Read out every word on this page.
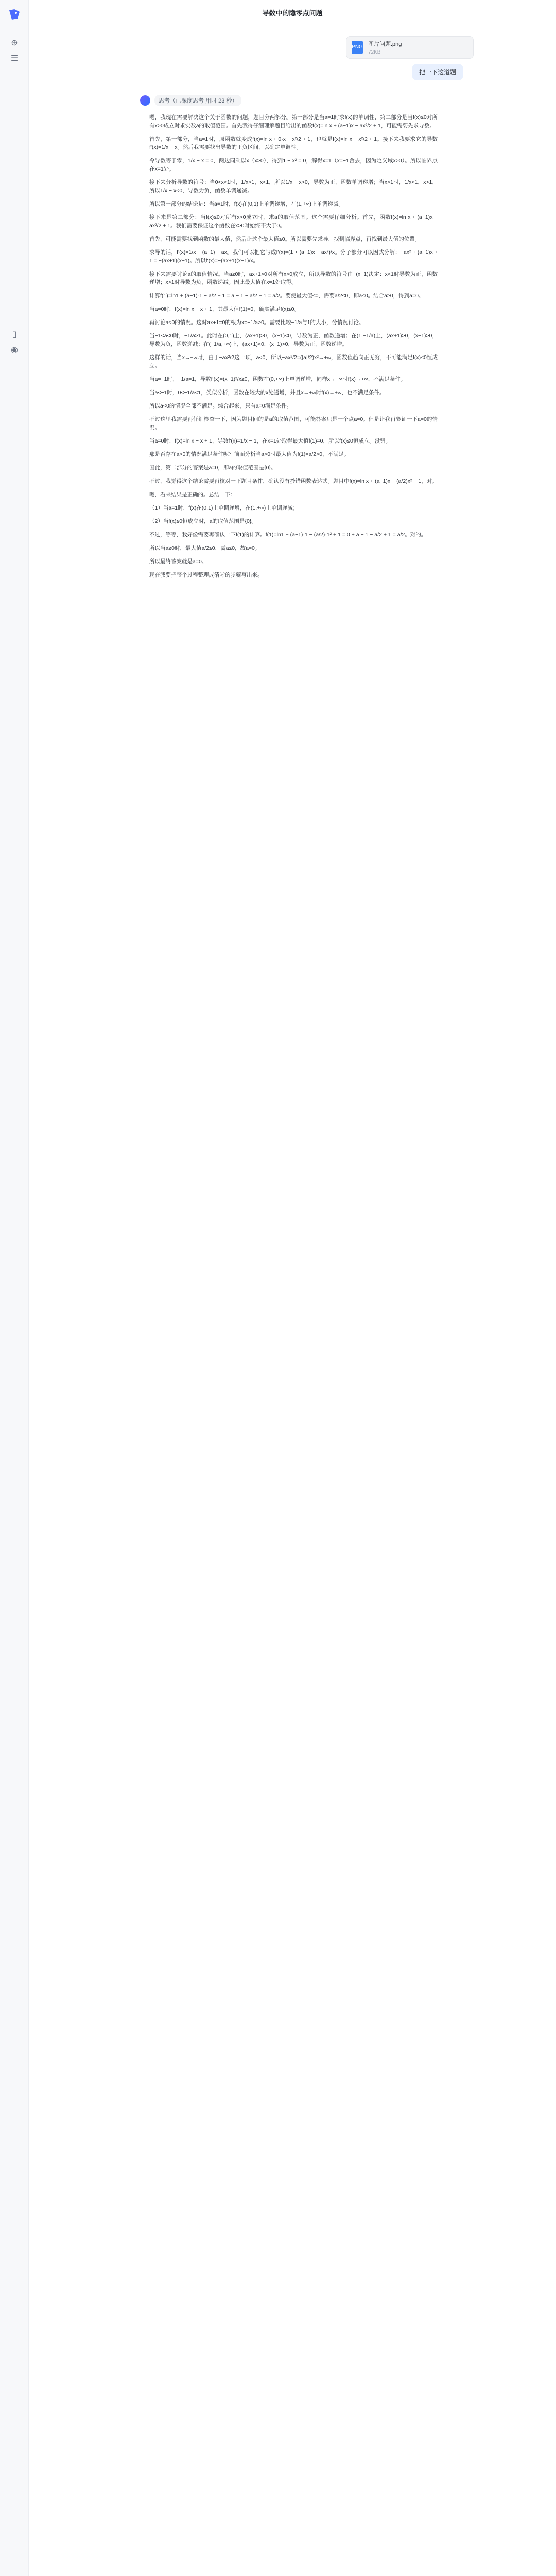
⊕
☰
▯
◉
导数中的隐零点问题
PNG 图片问题.png
72KB
把一下这道题
思考（已深度思考 用时 23 秒）
嗯，我现在需要解决这个关于函数的问题，题目分两部分。第一部分是当a=1时求f(x)的单调性，第二部分是当f(x)≤0对所有x>0成立时求实数a的取值范围。首先我得仔细理解题目给出的函数f(x)=ln x + (a−1)x − ax²/2 + 1，可能需要先求导数。
首先，第一部分，当a=1时，原函数就变成f(x)=ln x + 0·x − x²/2 + 1，也就是f(x)=ln x − x²/2 + 1。接下来我要求它的导数f'(x)=1/x − x。然后我需要找出导数的正负区间，以确定单调性。
令导数等于零，1/x − x = 0，两边同乘以x（x>0），得到1 − x² = 0，解得x=1（x=−1舍去，因为定义域x>0）。所以临界点在x=1处。
接下来分析导数的符号：当0<x<1时，1/x>1，x<1，所以1/x − x>0，导数为正，函数单调递增；当x>1时，1/x<1，x>1，所以1/x − x<0，导数为负，函数单调递减。
所以第一部分的结论是：当a=1时，f(x)在(0,1)上单调递增，在(1,+∞)上单调递减。
接下来是第二部分：当f(x)≤0对所有x>0成立时，求a的取值范围。这个需要仔细分析。首先，函数f(x)=ln x + (a−1)x − ax²/2 + 1。我们需要保证这个函数在x>0时始终不大于0。
首先，可能需要找到函数的最大值，然后让这个最大值≤0。所以需要先求导，找到临界点，再找到最大值的位置。
求导的话，f'(x)=1/x + (a−1) − ax。我们可以把它写成f'(x)=(1 + (a−1)x − ax²)/x。分子部分可以因式分解：−ax² + (a−1)x + 1 = −(ax+1)(x−1)。所以f'(x)=−(ax+1)(x−1)/x。
接下来需要讨论a的取值情况。当a≥0时，ax+1>0对所有x>0成立，所以导数的符号由−(x−1)决定：x<1时导数为正，函数递增；x>1时导数为负，函数递减。因此最大值在x=1处取得。
计算f(1)=ln1 + (a−1)·1 − a/2 + 1 = a − 1 − a/2 + 1 = a/2。要使最大值≤0，需要a/2≤0，即a≤0。结合a≥0，得到a=0。
当a=0时，f(x)=ln x − x + 1，其最大值f(1)=0，确实满足f(x)≤0。
再讨论a<0的情况。这时ax+1=0的根为x=−1/a>0。需要比较−1/a与1的大小，分情况讨论。
当−1<a<0时，−1/a>1。此时在(0,1)上，(ax+1)>0，(x−1)<0，导数为正，函数递增；在(1,−1/a)上，(ax+1)>0，(x−1)>0，导数为负，函数递减；在(−1/a,+∞)上，(ax+1)<0，(x−1)>0，导数为正，函数递增。
这样的话，当x→+∞时，由于−ax²/2这一项，a<0，所以−ax²/2=(|a|/2)x²→+∞，函数值趋向正无穷，不可能满足f(x)≤0恒成立。
当a=−1时，−1/a=1，导数f'(x)=(x−1)²/x≥0，函数在(0,+∞)上单调递增，同样x→+∞时f(x)→+∞，不满足条件。
当a<−1时，0<−1/a<1，类似分析，函数在较大的x处递增，并且x→+∞时f(x)→+∞，也不满足条件。
所以a<0的情况全部不满足。综合起来，只有a=0满足条件。
不过这里我需要再仔细检查一下，因为题目问的是a的取值范围，可能答案只是一个点a=0。但是让我再验证一下a=0的情况。
当a=0时，f(x)=ln x − x + 1，导数f'(x)=1/x − 1，在x=1处取得最大值f(1)=0，所以f(x)≤0恒成立。没错。
那是否存在a>0的情况满足条件呢？前面分析当a>0时最大值为f(1)=a/2>0，不满足。
因此，第二部分的答案是a=0，即a的取值范围是{0}。
不过，我觉得这个结论需要再核对一下题目条件，确认没有抄错函数表达式。题目中f(x)=ln x + (a−1)x − (a/2)x² + 1，对。
嗯，看来结果是正确的。总结一下：
（1）当a=1时，f(x)在(0,1)上单调递增，在(1,+∞)上单调递减；
（2）当f(x)≤0恒成立时，a的取值范围是{0}。
不过，等等，我好像需要再确认一下f(1)的计算。f(1)=ln1 + (a−1)·1 − (a/2)·1² + 1 = 0 + a − 1 − a/2 + 1 = a/2。对的。
所以当a≥0时，最大值a/2≤0，需a≤0，故a=0。
所以最终答案就是a=0。
现在我要把整个过程整理成清晰的步骤写出来。
